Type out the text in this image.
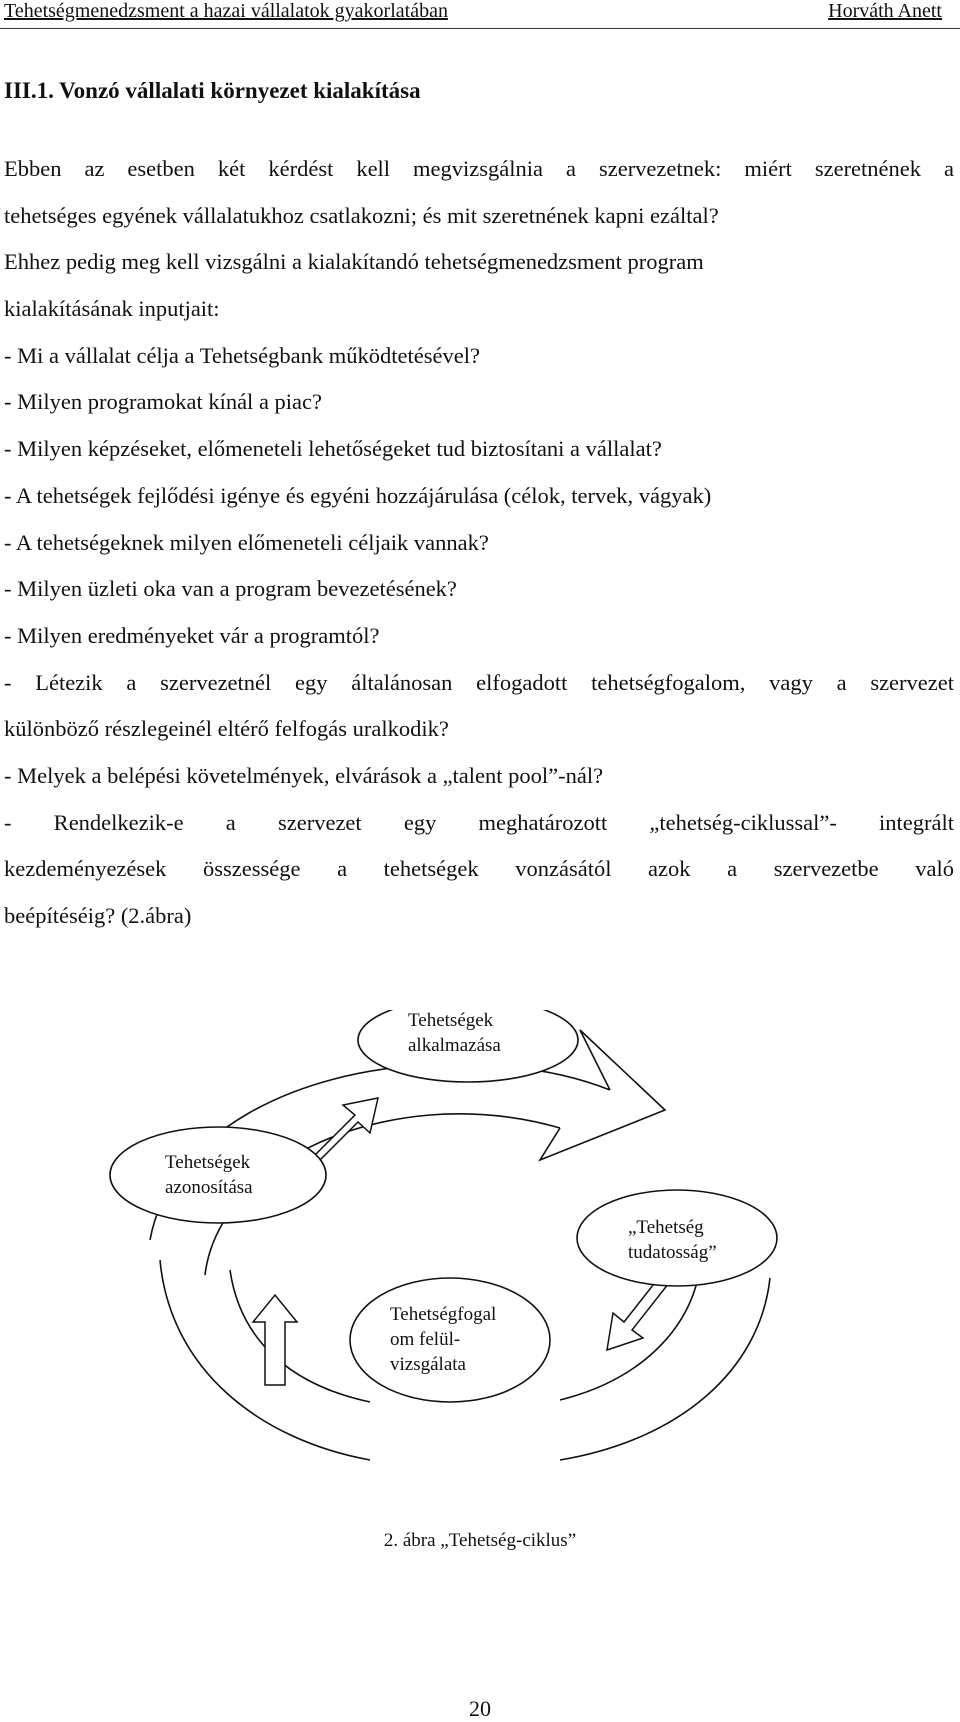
Tehetségmenedzsment a hazai vállalatok gyakorlatában	Horváth Anett
III.1. Vonzó vállalati környezet kialakítása
Ebben az esetben két kérdést kell megvizsgálnia a szervezetnek: miért szeretnének a
tehetséges egyének vállalatukhoz csatlakozni; és mit szeretnének kapni ezáltal?
Ehhez pedig meg kell vizsgálni a kialakítandó tehetségmenedzsment program
kialakításának inputjait:
- Mi a vállalat célja a Tehetségbank működtetésével?
- Milyen programokat kínál a piac?
- Milyen képzéseket, előmeneteli lehetőségeket tud biztosítani a vállalat?
- A tehetségek fejlődési igénye és egyéni hozzájárulása (célok, tervek, vágyak)
- A tehetségeknek milyen előmeneteli céljaik vannak?
- Milyen üzleti oka van a program bevezetésének?
- Milyen eredményeket vár a programtól?
- Létezik a szervezetnél egy általánosan elfogadott tehetségfogalom, vagy a szervezet
különböző részlegeinél eltérő felfogás uralkodik?
- Melyek a belépési követelmények, elvárások a „talent pool”-nál?
- Rendelkezik-e a szervezet egy meghatározott „tehetség-ciklussal”- integrált
kezdeményezések összessége a tehetségek vonzásától azok a szervezetbe való
beépítéséig? (2.ábra)
Tehetségek
alkalmazása
Tehetségek
azonosítása
„Tehetség
tudatosság”
Tehetségfogal
om felül-
vizsgálata
2. ábra „Tehetség-ciklus”
20
